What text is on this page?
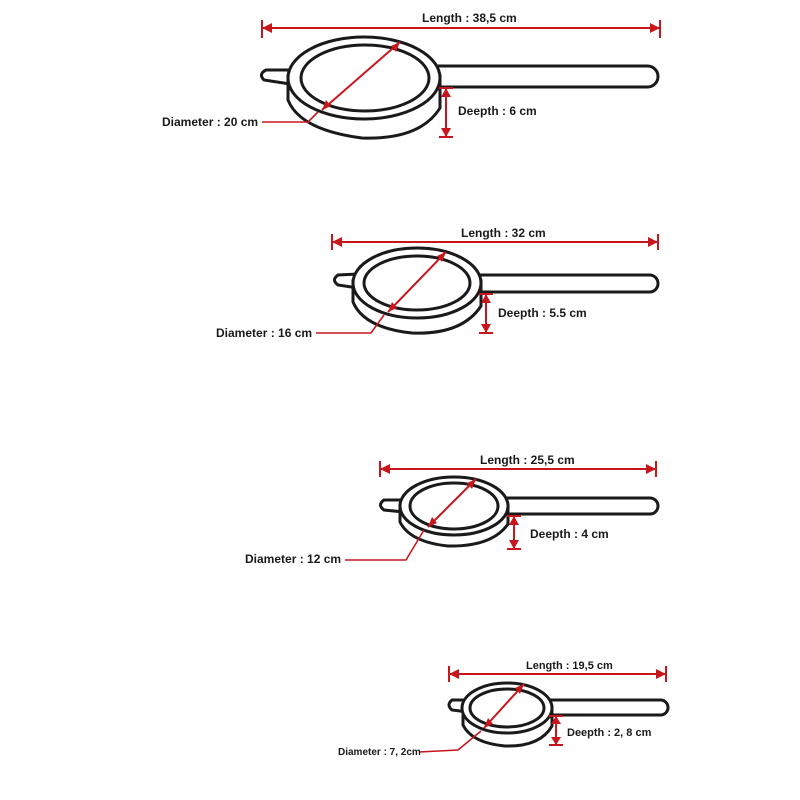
Length : 38,5 cm
Diameter : 20 cm
Deepth : 6 cm
Length : 32 cm
Diameter : 16 cm
Deepth : 5.5 cm
Length : 25,5 cm
Diameter : 12 cm
Deepth : 4 cm
Length : 19,5 cm
Diameter : 7, 2cm
Deepth : 2, 8 cm
